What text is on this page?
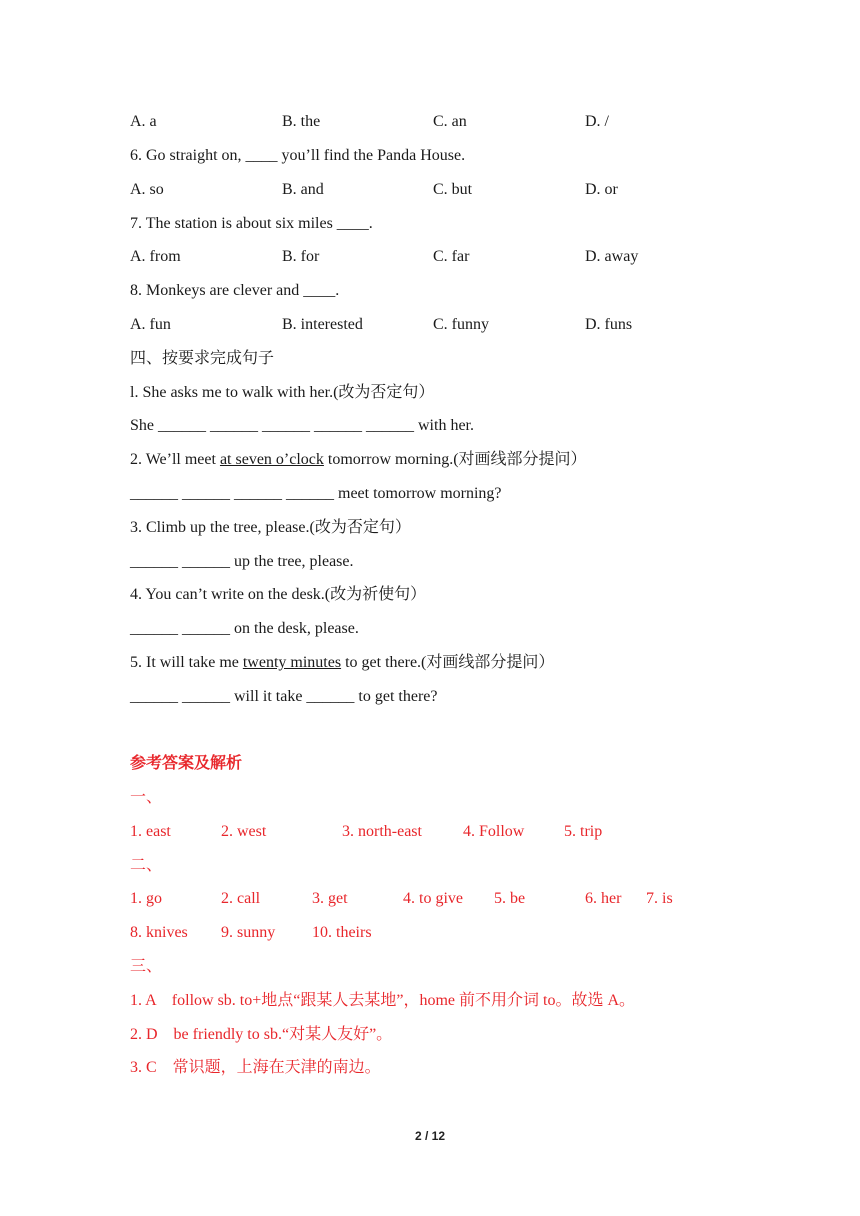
A. a	B. the	C. an	D. /
6. Go straight on, ____ you’ll find the Panda House.
A. so	B. and	C. but	D. or
7. The station is about six miles ____.
A. from	B. for	C. far	D. away
8. Monkeys are clever and ____.
A. fun	B. interested	C. funny	D. funs
四、按要求完成句子
l. She asks me to walk with her.(改为否定句）
She ______ ______ ______ ______ ______ with her.
2. We’ll meet at seven o’clock tomorrow morning.(对画线部分提问）
______ ______ ______ ______ meet tomorrow morning?
3. Climb up the tree, please.(改为否定句）
______ ______ up the tree, please.
4. You can’t write on the desk.(改为祈使句）
______ ______ on the desk, please.
5. It will take me twenty minutes to get there.(对画线部分提问）
______ ______ will it take ______ to get there?
参考答案及解析
一、
1. east	2. west	3. north-east	4. Follow 5. trip
二、
1. go	2. call	3. get	4. to give 5. be	6. her 7. is
8. knives 9. sunny 10. theirs
三、
1. A    follow sb. to+地点“跟某人去某地”，home 前不用介词 to。故选 A。
2. D    be friendly to sb.“对某人友好”。
3. C    常识题，上海在天津的南边。
2 / 12
